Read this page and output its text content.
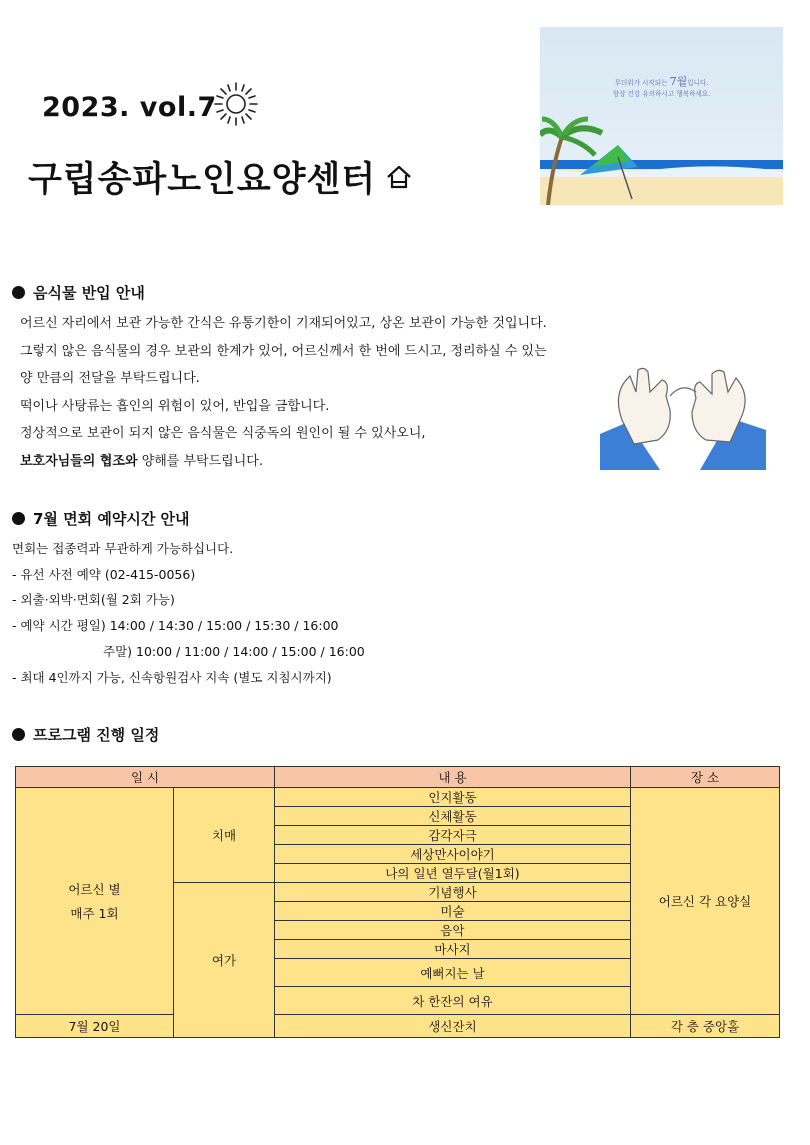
2023. vol.7
구립송파노인요양센터
무더위가 시작되는 7월입니다.
항상 건강 유의하시고 행복하세요.
음식물 반입 안내
어르신 자리에서 보관 가능한 간식은 유통기한이 기재되어있고, 상온 보관이 가능한 것입니다.
그렇지 않은 음식물의 경우 보관의 한계가 있어, 어르신께서 한 번에 드시고, 정리하실 수 있는
양 만큼의 전달을 부탁드립니다.
떡이나 사탕류는 흡인의 위험이 있어, 반입을 금합니다.
정상적으로 보관이 되지 않은 음식물은 식중독의 원인이 될 수 있사오니,
보호자님들의 협조와 양해를 부탁드립니다.
7월 면회 예약시간 안내
면회는 접종력과 무관하게 가능하십니다.
- 유선 사전 예약 (02-415-0056)
- 외출·외박·면회(월 2회 가능)
- 예약 시간 평일) 14:00 / 14:30 / 15:00 / 15:30 / 16:00
주말) 10:00 / 11:00 / 14:00 / 15:00 / 16:00
- 최대 4인까지 가능, 신속항원검사 지속 (별도 지침시까지)
프로그램 진행 일정
일 시		내 용	장 소

어르신 별
매주 1회	치매	인지활동	어르신 각 요양실
		신체활동	
		감각자극	
		세상만사이야기	
		나의 일년 열두달(월1회)	
	여가	기념행사	
		미술	
		음악	
		마사지	
		예뻐지는 날	
		차 한잔의 여유	
7월 20일		생신잔치	각 층 중앙홀
